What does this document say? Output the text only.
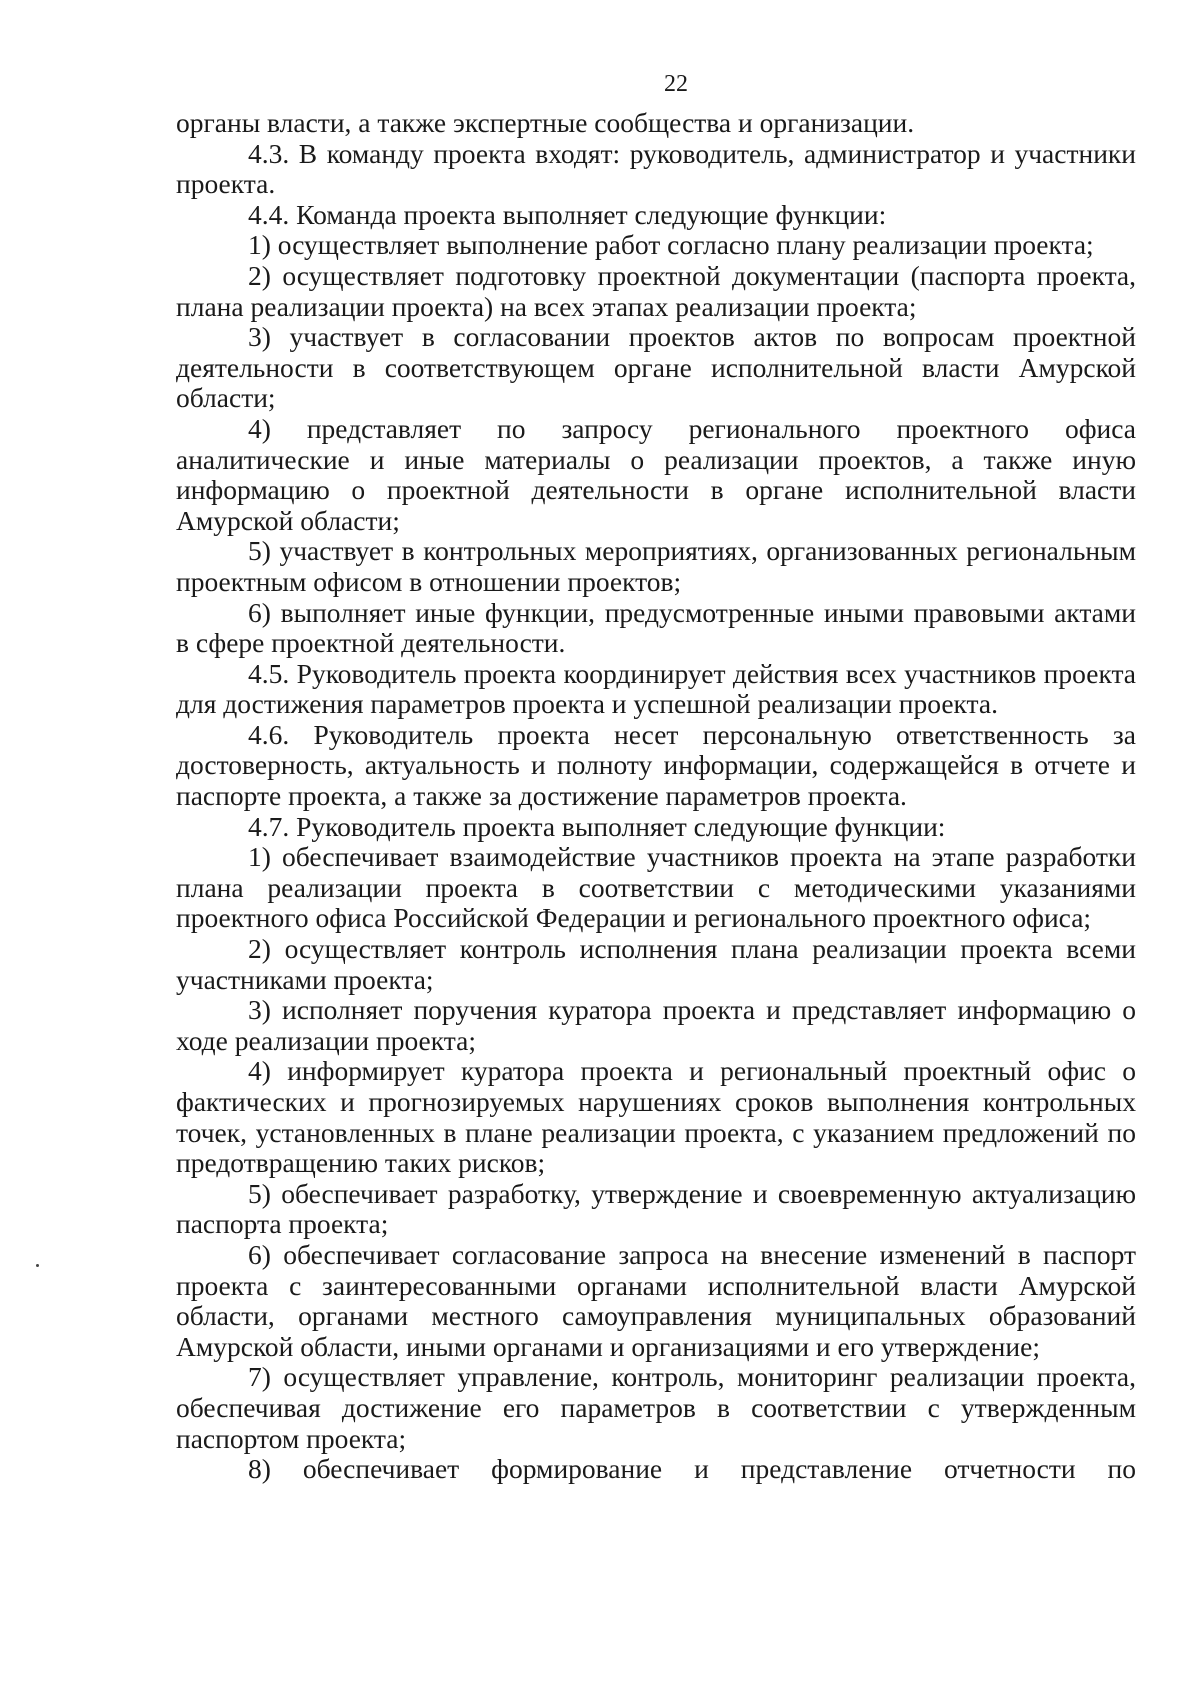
22

органы власти, а также экспертные сообщества и организации.

4.3. В команду проекта входят: руководитель, администратор и участники проекта.

4.4. Команда проекта выполняет следующие функции:

1) осуществляет выполнение работ согласно плану реализации проекта;

2) осуществляет подготовку проектной документации (паспорта проекта, плана реализации проекта) на всех этапах реализации проекта;

3) участвует в согласовании проектов актов по вопросам проектной деятельности в соответствующем органе исполнительной власти Амурской области;

4) представляет по запросу регионального проектного офиса аналитические и иные материалы о реализации проектов, а также иную информацию о проектной деятельности в органе исполнительной власти Амурской области;

5) участвует в контрольных мероприятиях, организованных региональным проектным офисом в отношении проектов;

6) выполняет иные функции, предусмотренные иными правовыми актами в сфере проектной деятельности.

4.5. Руководитель проекта координирует действия всех участников проекта для достижения параметров проекта и успешной реализации проекта.

4.6. Руководитель проекта несет персональную ответственность за достоверность, актуальность и полноту информации, содержащейся в отчете и паспорте проекта, а также за достижение параметров проекта.

4.7. Руководитель проекта выполняет следующие функции:

1) обеспечивает взаимодействие участников проекта на этапе разработки плана реализации проекта в соответствии с методическими указаниями проектного офиса Российской Федерации и регионального проектного офиса;

2) осуществляет контроль исполнения плана реализации проекта всеми участниками проекта;

3) исполняет поручения куратора проекта и представляет информацию о ходе реализации проекта;

4) информирует куратора проекта и региональный проектный офис о фактических и прогнозируемых нарушениях сроков выполнения контрольных точек, установленных в плане реализации проекта, с указанием предложений по предотвращению таких рисков;

5) обеспечивает разработку, утверждение и своевременную актуализацию паспорта проекта;

6) обеспечивает согласование запроса на внесение изменений в паспорт проекта с заинтересованными органами исполнительной власти Амурской области, органами местного самоуправления муниципальных образований Амурской области, иными органами и организациями и его утверждение;

7) осуществляет управление, контроль, мониторинг реализации проекта, обеспечивая достижение его параметров в соответствии с утвержденным паспортом проекта;

8) обеспечивает формирование и представление отчетности по
